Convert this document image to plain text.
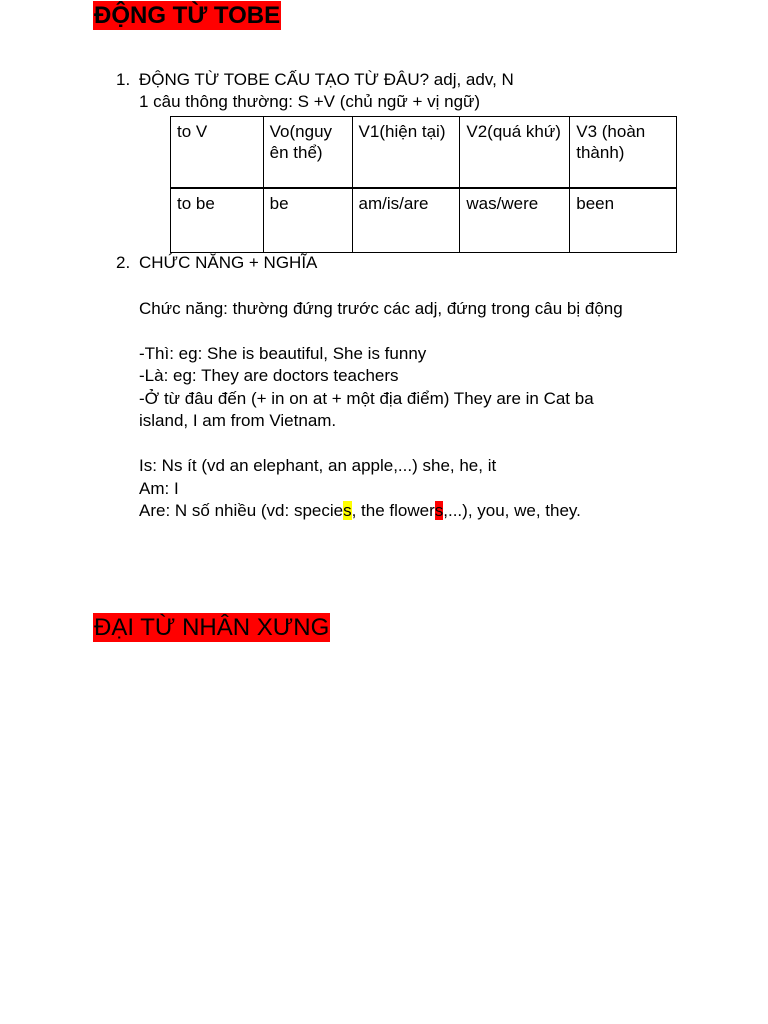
ĐỘNG TỪ TOBE
1. ĐỘNG TỪ TOBE CẤU TẠO TỪ ĐÂU? adj, adv, N
1 câu thông thường: S +V (chủ ngữ + vị ngữ)
to V	Vo(nguy ên thể)	V1(hiện tại)	V2(quá khứ)	V3 (hoàn thành)
to be	be	am/is/are	was/were	been
2. CHỨC NĂNG + NGHĨA
Chức năng: thường đứng trước các adj, đứng trong câu bị động
-Thì: eg: She is beautiful, She is funny
-Là: eg: They are doctors teachers
-Ở từ đâu đến (+ in on at + một địa điểm) They are in Cat ba
island, I am from Vietnam.
Is: Ns ít (vd an elephant, an apple,...) she, he, it
Am: I
Are: N số nhiều (vd: species, the flowers,...), you, we, they.
ĐẠI TỪ NHÂN XƯNG
